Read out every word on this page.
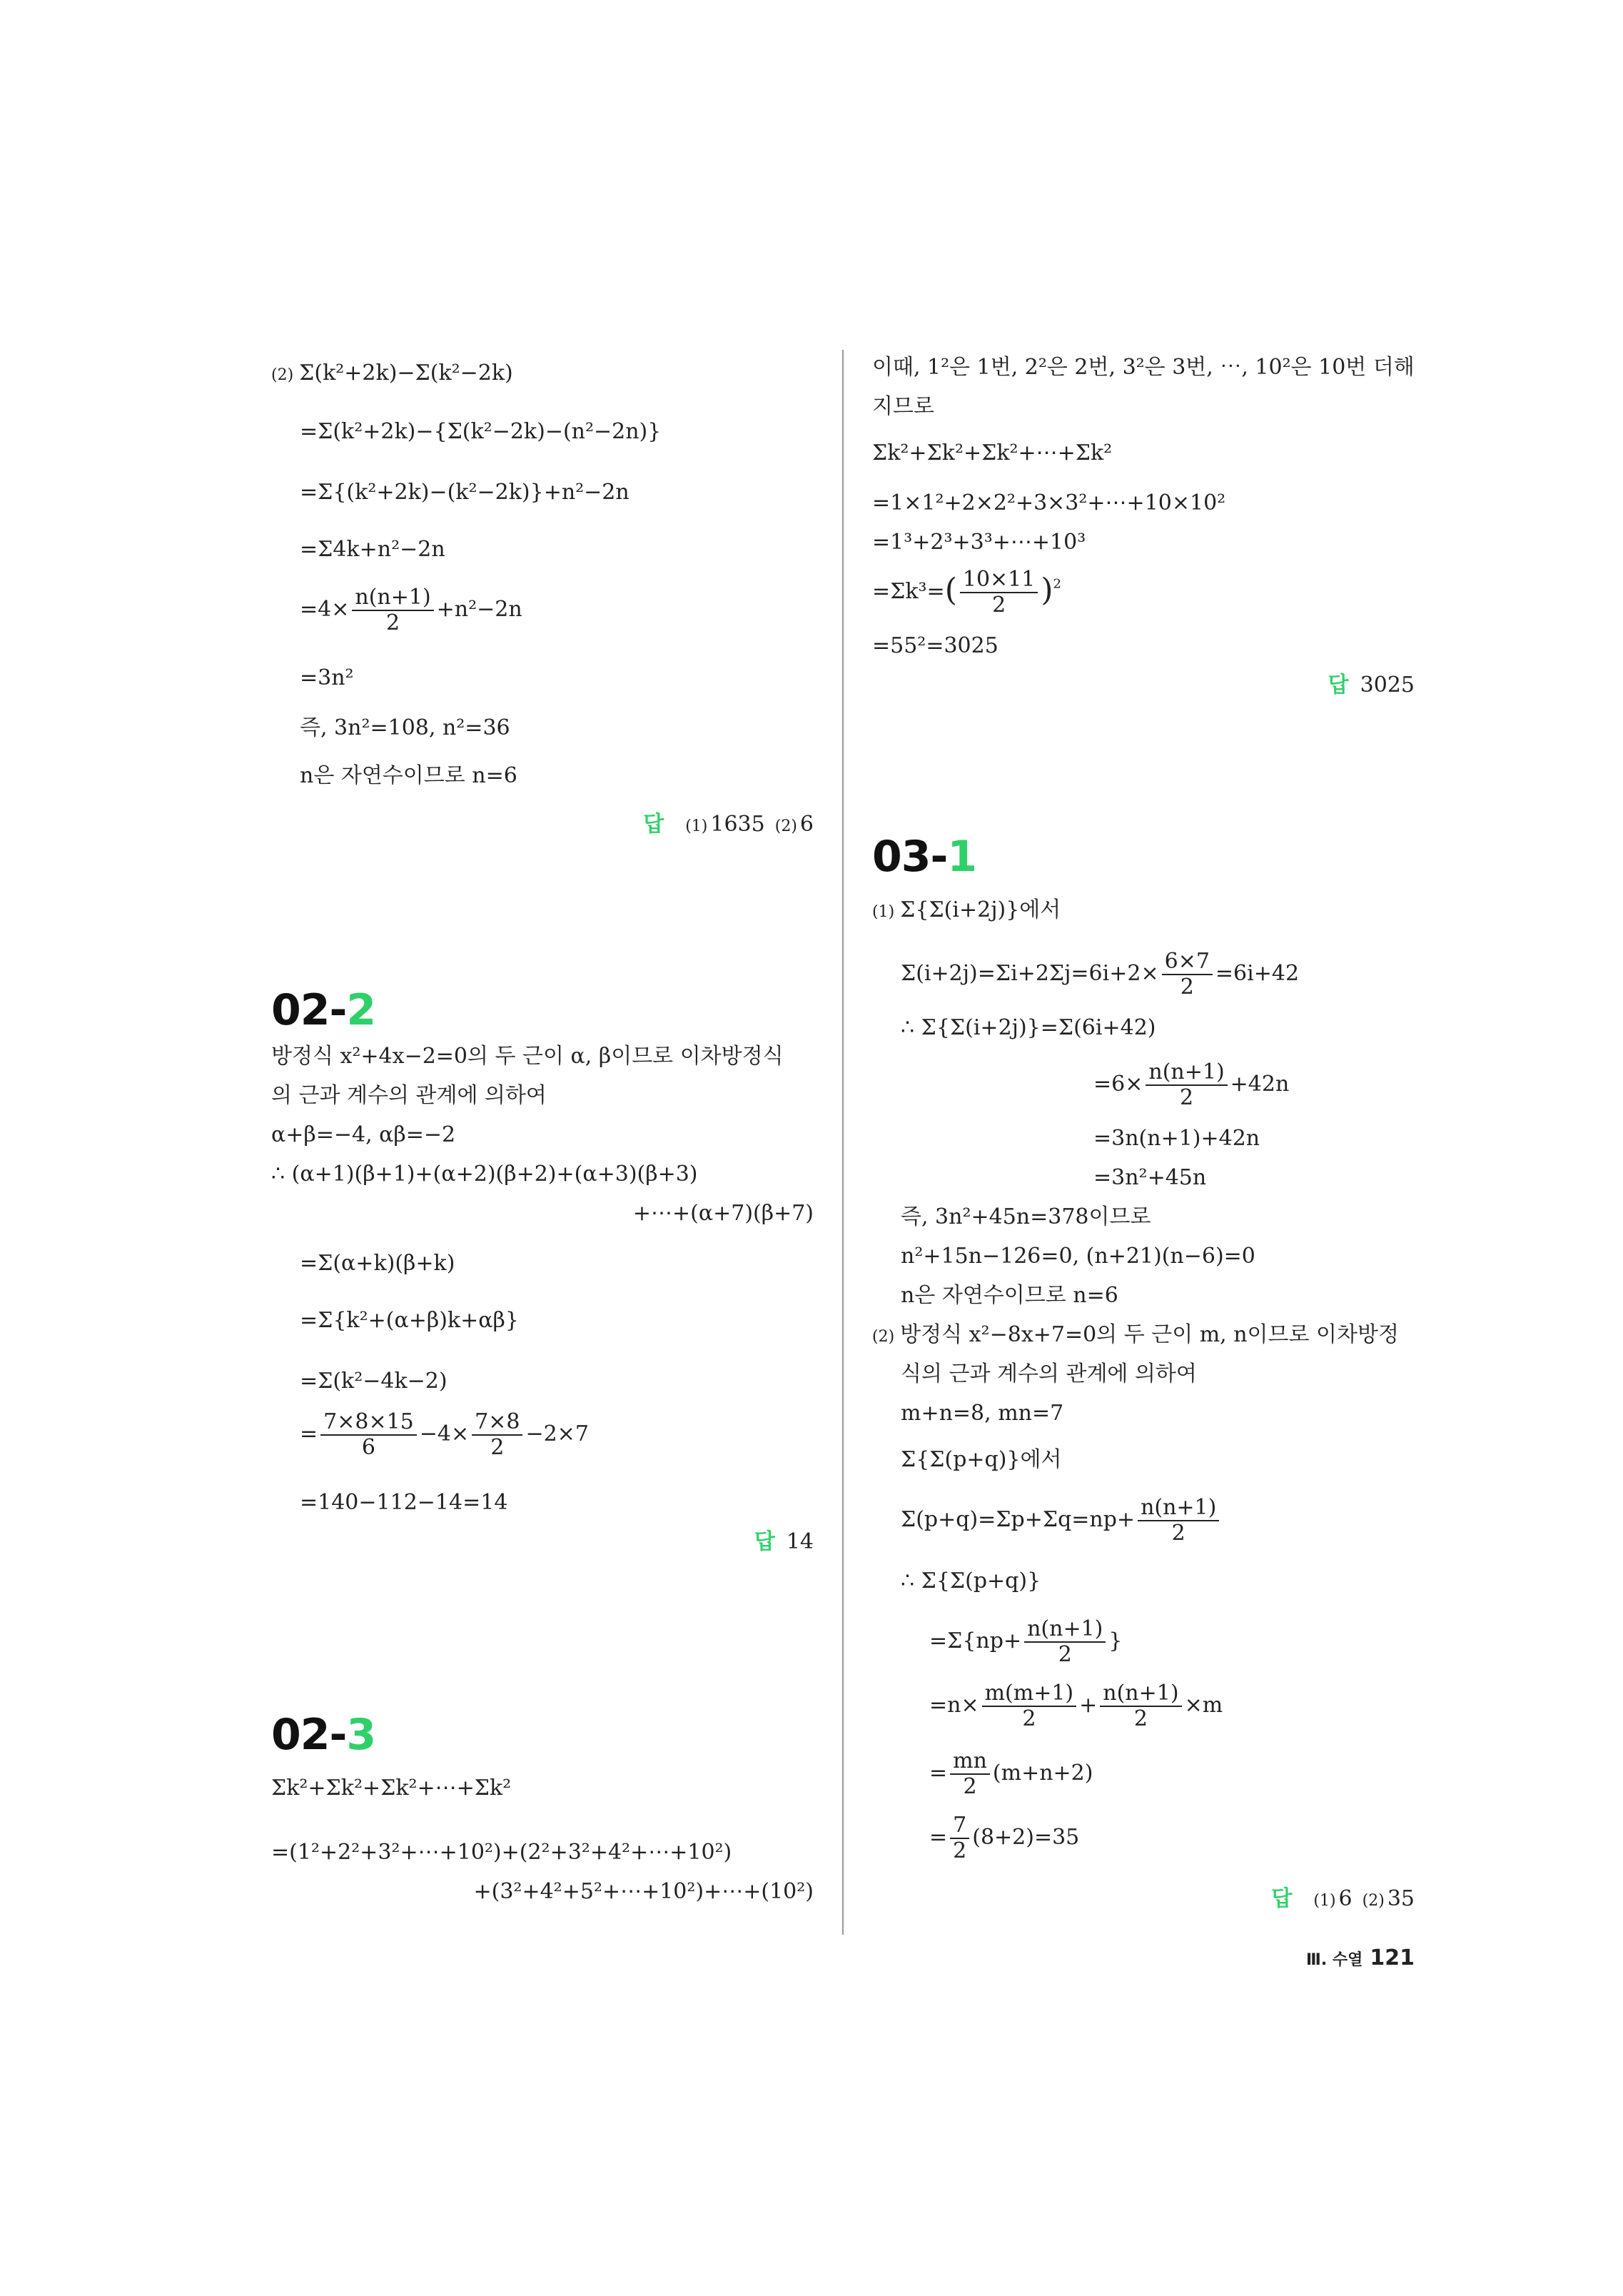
(2) Σ(k²+2k)−Σ(k²−2k)
=Σ(k²+2k)−{Σ(k²−2k)−(n²−2n)}
=Σ{(k²+2k)−(k²−2k)}+n²−2n
=Σ4k+n²−2n
$=4\times \frac{n(n+1)}{2} +n^2-2n$
=3n²
즉, 3n²=108, n²=36
n은 자연수이므로 n=6
답 (1) 1635 (2) 6
02-2
방정식 x²+4x−2=0의 두 근이 α, β이므로 이차방정식
의 근과 계수의 관계에 의하여
α+β=−4, αβ=−2
∴ (α+1)(β+1)+(α+2)(β+2)+(α+3)(β+3)
+⋯+(α+7)(β+7)
=Σ(α+k)(β+k)
=Σ{k²+(α+β)k+αβ}
=Σ(k²−4k−2)
= $\frac{7\times 8\times 15}{6} -4\times \frac{7\times 8}{2} -2\times 7$
=140−112−14=14
답 14
02-3
Σk²+Σk²+Σk²+⋯+Σk²
=(1²+2²+3²+⋯+10²)+(2²+3²+4²+⋯+10²)
+(3²+4²+5²+⋯+10²)+⋯+(10²)
이때, 1²은 1번, 2²은 2번, 3²은 3번, ⋯, 10²은 10번 더해
지므로
Σk²+Σk²+Σk²+⋯+Σk²
=1×1²+2×2²+3×3²+⋯+10×10²
=1³+2³+3³+⋯+10³
$=\Sigma k^3=( \frac{10\times 11}{2} )^2$
=55²=3025
답 3025
03-1
(1) Σ{Σ(i+2j)}에서
$\Sigma(i+2j)=\Sigma i+2\Sigma j=6i+2\times \frac{6\times 7}{2} =6i+42$
∴ Σ{Σ(i+2j)}=Σ(6i+42)
$=6\times \frac{n(n+1)}{2} +42n$
=3n(n+1)+42n
=3n²+45n
즉, 3n²+45n=378이므로
n²+15n−126=0, (n+21)(n−6)=0
n은 자연수이므로 n=6
(2) 방정식 x²−8x+7=0의 두 근이 m, n이므로 이차방정
식의 근과 계수의 관계에 의하여
m+n=8, mn=7
Σ{Σ(p+q)}에서
$\Sigma(p+q)=\Sigma p+\Sigma q=np+ \frac{n(n+1)}{2}$
∴ Σ{Σ(p+q)}
$=\Sigma\{np+ \frac{n(n+1)}{2}$ }
$=n\times \frac{m(m+1)}{2} + \frac{n(n+1)}{2} \times m$
= $\frac{mn}{2} (m+n+2)$
= $\frac{7}{2} (8+2)=35$
답 (1) 6 (2) 35
Ⅲ. 수열 121
